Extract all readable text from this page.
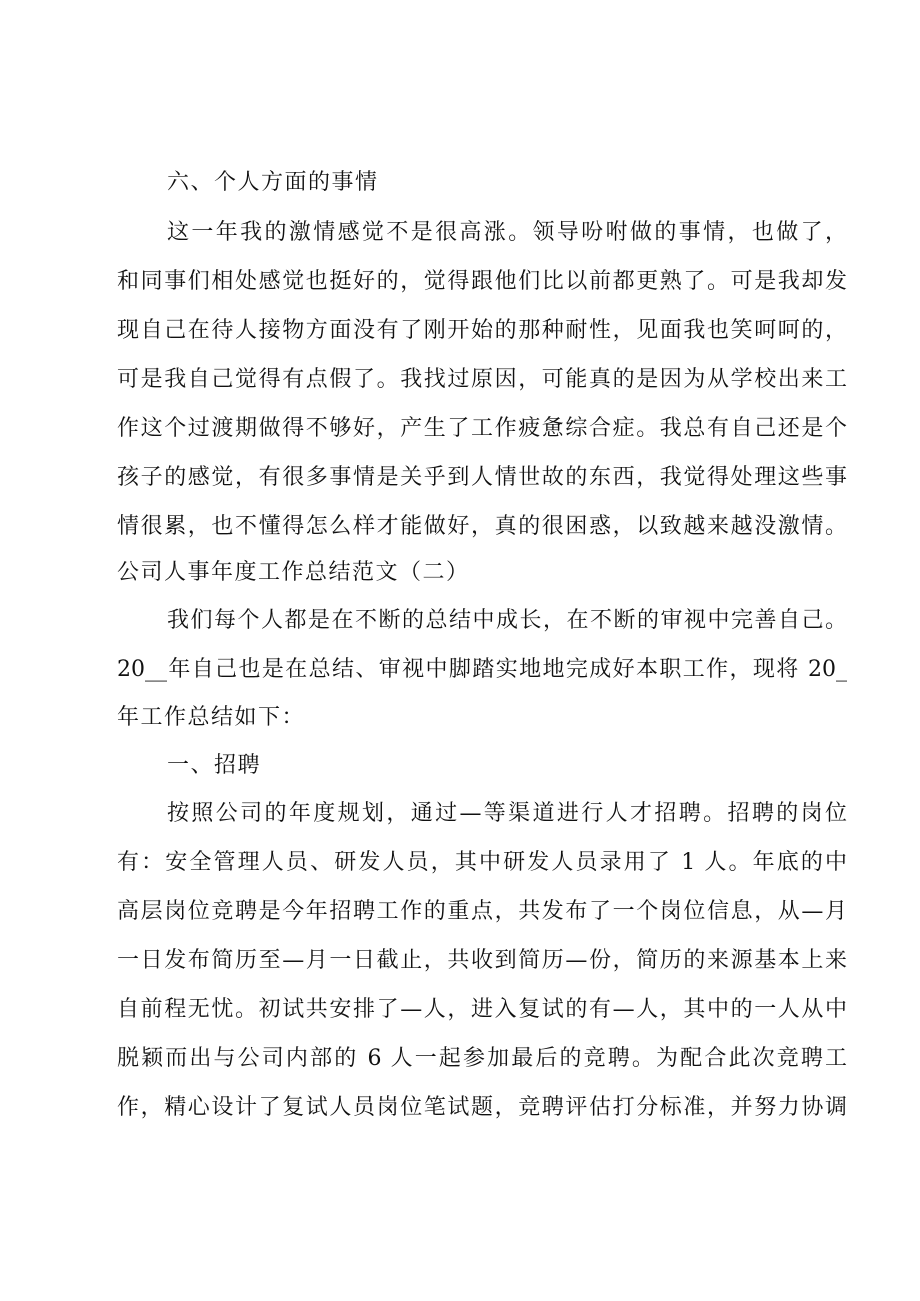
六、个人方面的事情
这一年我的激情感觉不是很高涨。领导吩咐做的事情，也做了，
和同事们相处感觉也挺好的，觉得跟他们比以前都更熟了。可是我却发
现自己在待人接物方面没有了刚开始的那种耐性，见面我也笑呵呵的，
可是我自己觉得有点假了。我找过原因，可能真的是因为从学校出来工
作这个过渡期做得不够好，产生了工作疲惫综合症。我总有自己还是个
孩子的感觉，有很多事情是关乎到人情世故的东西，我觉得处理这些事
情很累，也不懂得怎么样才能做好，真的很困惑，以致越来越没激情。
公司人事年度工作总结范文（二）
我们每个人都是在不断的总结中成长，在不断的审视中完善自己。
20__年自己也是在总结、审视中脚踏实地地完成好本职工作，现将 20_
年工作总结如下：
一、招聘
按照公司的年度规划，通过—等渠道进行人才招聘。招聘的岗位
有：安全管理人员、研发人员，其中研发人员录用了 1 人。年底的中
高层岗位竞聘是今年招聘工作的重点，共发布了一个岗位信息，从—月
一日发布简历至—月一日截止，共收到简历—份，简历的来源基本上来
自前程无忧。初试共安排了—人，进入复试的有—人，其中的一人从中
脱颖而出与公司内部的 6 人一起参加最后的竞聘。为配合此次竞聘工
作，精心设计了复试人员岗位笔试题，竞聘评估打分标准，并努力协调
